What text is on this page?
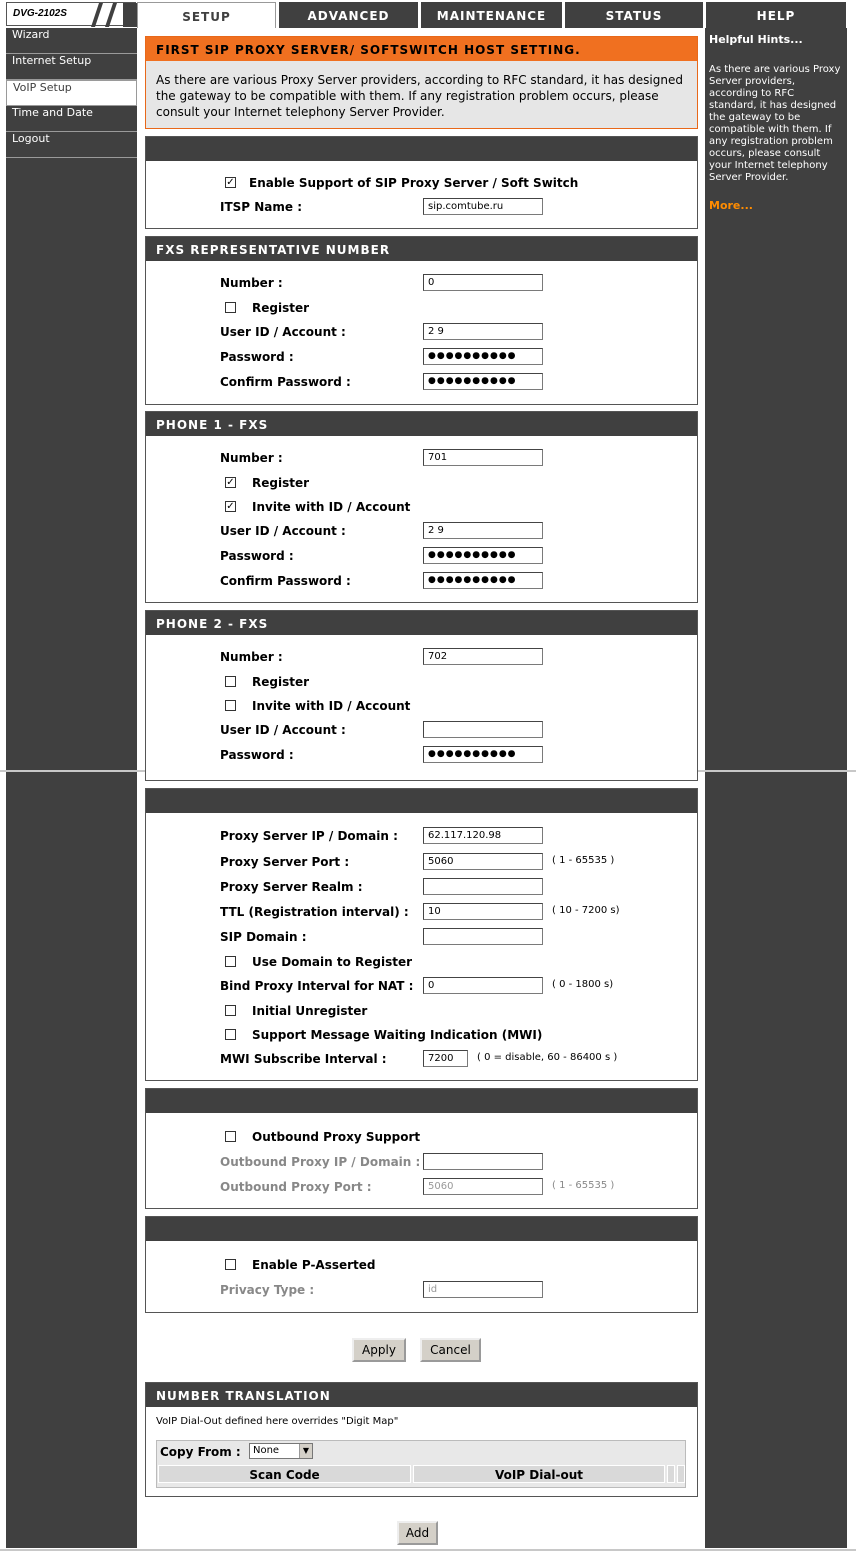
DVG-2102S	SETUP	ADVANCED	MAINTENANCE	STATUS	HELP
Wizard
Internet Setup
VoIP Setup
Time and Date
Logout
Helpful Hints...
As there are various Proxy Server providers, according to RFC standard, it has designed the gateway to be compatible with them. If any registration problem occurs, please consult your Internet telephony Server Provider.
More...
FIRST SIP PROXY SERVER/ SOFTSWITCH HOST SETTING.
As there are various Proxy Server providers, according to RFC standard, it has designed the gateway to be compatible with them. If any registration problem occurs, please consult your Internet telephony Server Provider.
✓ Enable Support of SIP Proxy Server / Soft Switch
ITSP Name :	sip.comtube.ru
FXS REPRESENTATIVE NUMBER
Number :	0
Register
User ID / Account :	2 9
Password :	●●●●●●●●●●
Confirm Password :	●●●●●●●●●●
PHONE 1 - FXS
Number :	701
✓ Register
✓ Invite with ID / Account
User ID / Account :	2 9
Password :	●●●●●●●●●●
Confirm Password :	●●●●●●●●●●
PHONE 2 - FXS
Number :	702
Register
Invite with ID / Account
User ID / Account :
Password :	●●●●●●●●●●
Proxy Server IP / Domain :	62.117.120.98
Proxy Server Port :	5060	( 1 - 65535 )
Proxy Server Realm :
TTL (Registration interval) :	10	( 10 - 7200 s)
SIP Domain :
Use Domain to Register
Bind Proxy Interval for NAT :	0	( 0 - 1800 s)
Initial Unregister
Support Message Waiting Indication (MWI)
MWI Subscribe Interval :	7200	( 0 = disable, 60 - 86400 s )
Outbound Proxy Support
Outbound Proxy IP / Domain :
Outbound Proxy Port :	5060	( 1 - 65535 )
Enable P-Asserted
Privacy Type :	id
Apply	Cancel
NUMBER TRANSLATION
VoIP Dial-Out defined here overrides "Digit Map"
Copy From :	None	▼
Scan Code	VoIP Dial-out
Add
